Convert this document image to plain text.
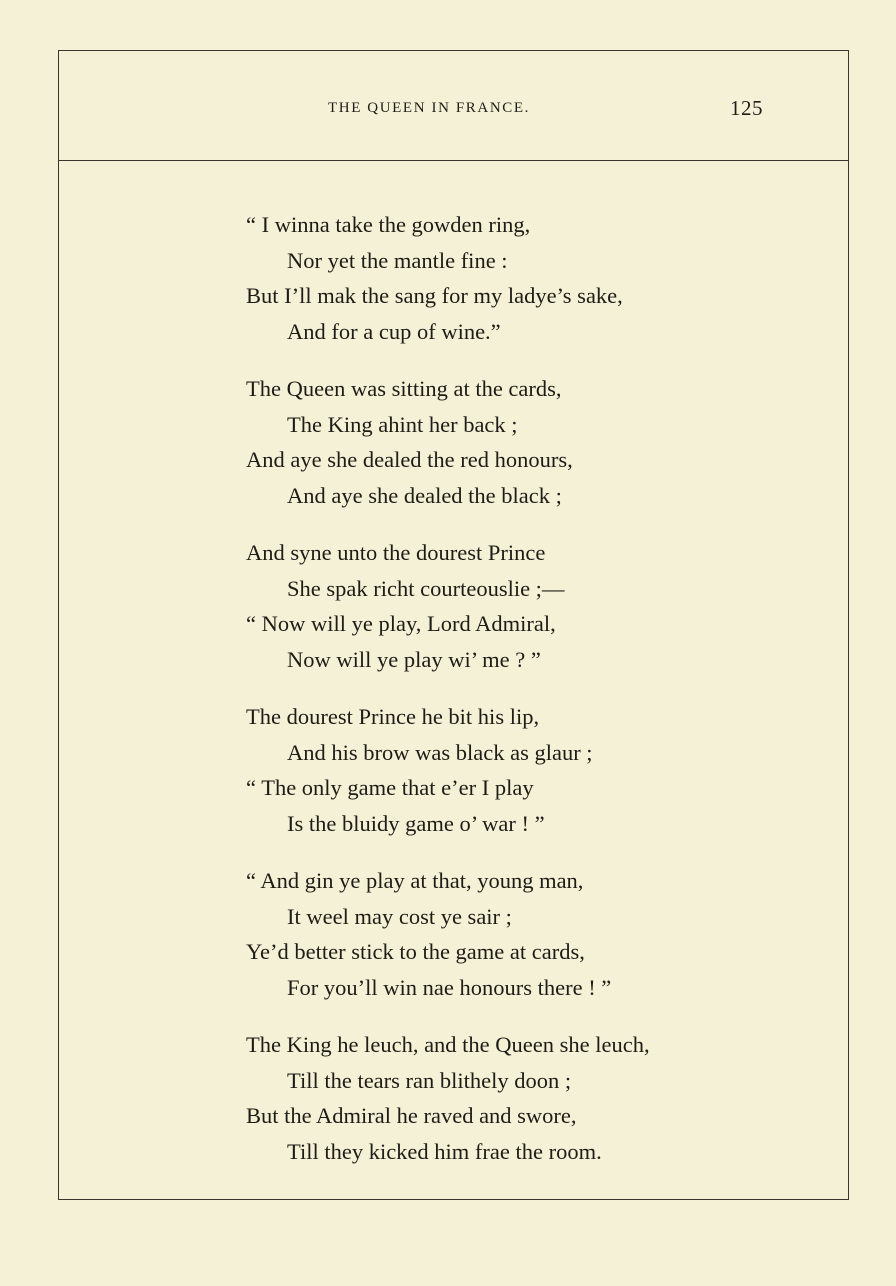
THE QUEEN IN FRANCE.	125
“ I winna take the gowden ring,
Nor yet the mantle fine :
But I’ll mak the sang for my ladye’s sake,
And for a cup of wine.”
The Queen was sitting at the cards,
The King ahint her back ;
And aye she dealed the red honours,
And aye she dealed the black ;
And syne unto the dourest Prince
She spak richt courteouslie ;—
“ Now will ye play, Lord Admiral,
Now will ye play wi’ me ? ”
The dourest Prince he bit his lip,
And his brow was black as glaur ;
“ The only game that e’er I play
Is the bluidy game o’ war ! ”
“ And gin ye play at that, young man,
It weel may cost ye sair ;
Ye’d better stick to the game at cards,
For you’ll win nae honours there ! ”
The King he leuch, and the Queen she leuch,
Till the tears ran blithely doon ;
But the Admiral he raved and swore,
Till they kicked him frae the room.
